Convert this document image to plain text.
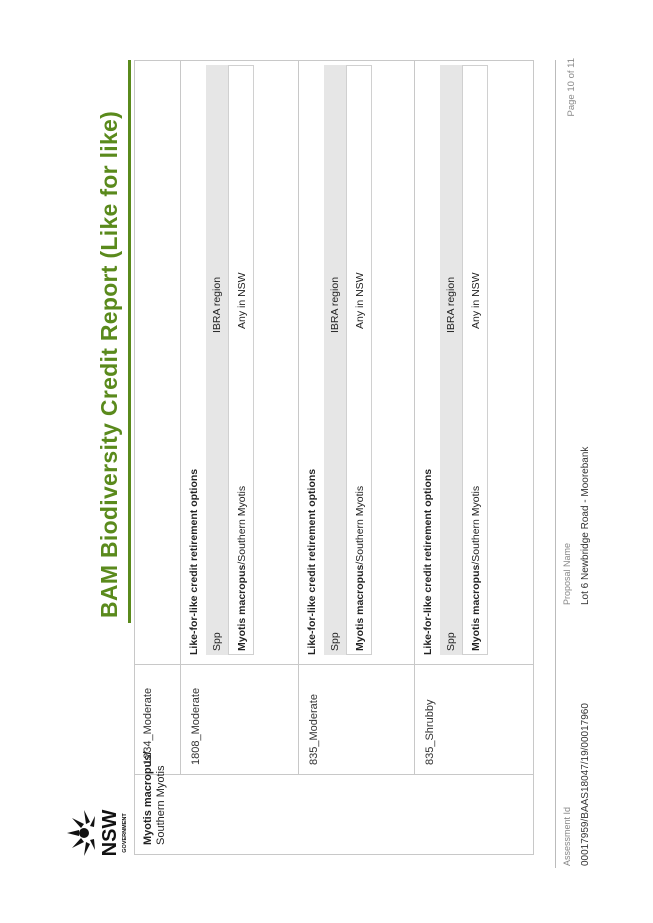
NSW GOVERNMENT
BAM Biodiversity Credit Report (Like for like)
Myotis macropus/
Southern Myotis
1234_Moderate	1808_Moderate
Like-for-like credit retirement options Spp
IBRA region
Myotis macropus/Southern Myotis
Any in NSW
835_Moderate
Like-for-like credit retirement options Spp
IBRA region
Myotis macropus/Southern Myotis
Any in NSW
835_Shrubby
Like-for-like credit retirement options Spp
IBRA region
Myotis macropus/Southern Myotis
Any in NSW
Assessment Id 00017959/BAAS18047/19/00017960
Proposal Name Lot 6 Newbridge Road - Moorebank
Page 10 of 11
